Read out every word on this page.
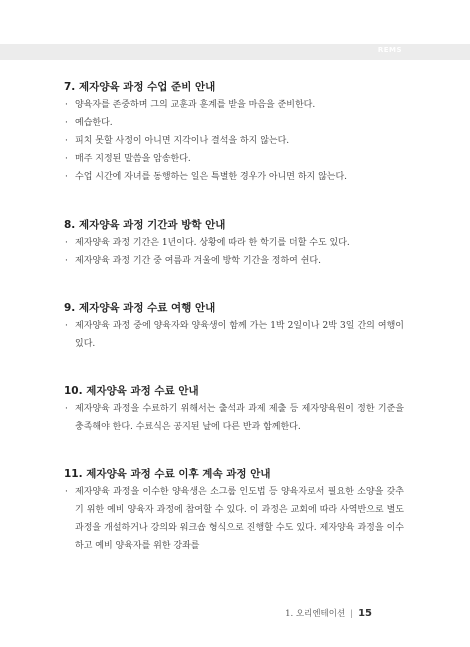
REMS
7. 제자양육 과정 수업 준비 안내
· 양육자를 존중하며 그의 교훈과 훈계를 받을 마음을 준비한다.
· 예습한다.
· 피치 못할 사정이 아니면 지각이나 결석을 하지 않는다.
· 매주 지정된 말씀을 암송한다.
· 수업 시간에 자녀를 동행하는 일은 특별한 경우가 아니면 하지 않는다.
8. 제자양육 과정 기간과 방학 안내
· 제자양육 과정 기간은 1년이다. 상황에 따라 한 학기를 더할 수도 있다.
· 제자양육 과정 기간 중 여름과 겨울에 방학 기간을 정하여 쉰다.
9. 제자양육 과정 수료 여행 안내
· 제자양육 과정 중에 양육자와 양육생이 함께 가는 1박 2일이나 2박 3일 간의 여행이 있다.
10. 제자양육 과정 수료 안내
· 제자양육 과정을 수료하기 위해서는 출석과 과제 제출 등 제자양육원이 정한 기준을 충족해야 한다. 수료식은 공지된 날에 다른 반과 함께한다.
11. 제자양육 과정 수료 이후 계속 과정 안내
· 제자양육 과정을 이수한 양육생은 소그룹 인도법 등 양육자로서 필요한 소양을 갖추기 위한 예비 양육자 과정에 참여할 수 있다. 이 과정은 교회에 따라 사역반으로 별도 과정을 개설하거나 강의와 워크숍 형식으로 진행할 수도 있다. 제자양육 과정을 이수하고 예비 양육자를 위한 강좌를
1. 오리엔테이션 | 15
